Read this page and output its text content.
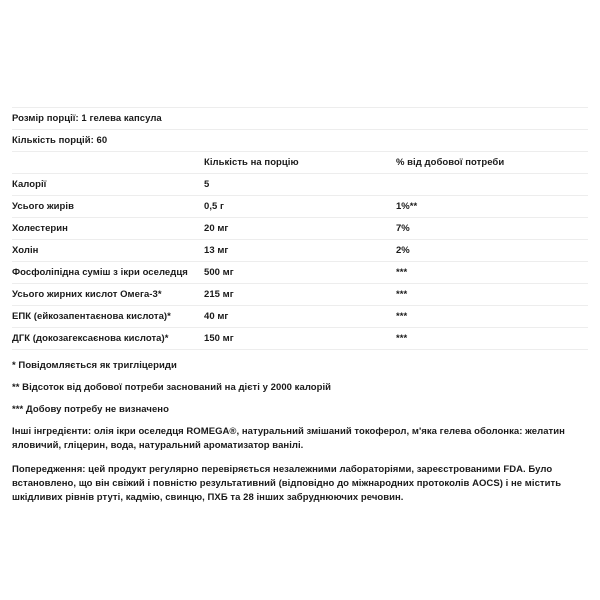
Розмір порції: 1 гелева капсула		
Кількість порцій: 60		
	Кількість на порцію	% від добової потреби
Калорії	5	
Усього жирів	0,5 г	1%**
Холестерин	20 мг	7%
Холін	13 мг	2%
Фосфоліпідна суміш з ікри оселедця	500 мг	***
Усього жирних кислот Омега-3*	215 мг	***
ЕПК (ейкозапентаєнова кислота)*	40 мг	***
ДГК (докозагексаєнова кислота)*	150 мг	***

* Повідомляється як тригліцериди

** Відсоток від добової потреби заснований на дієті у 2000 калорій

*** Добову потребу не визначено

Інші інгредієнти: олія ікри оселедця ROMEGA®, натуральний змішаний токоферол, м'яка гелева оболонка: желатин яловичий, гліцерин, вода, натуральний ароматизатор ванілі.

Попередження: цей продукт регулярно перевіряється незалежними лабораторіями, зареєстрованими FDA. Було встановлено, що він свіжий і повністю результативний (відповідно до міжнародних протоколів AOCS) і не містить шкідливих рівнів ртуті, кадмію, свинцю, ПХБ та 28 інших забруднюючих речовин.
